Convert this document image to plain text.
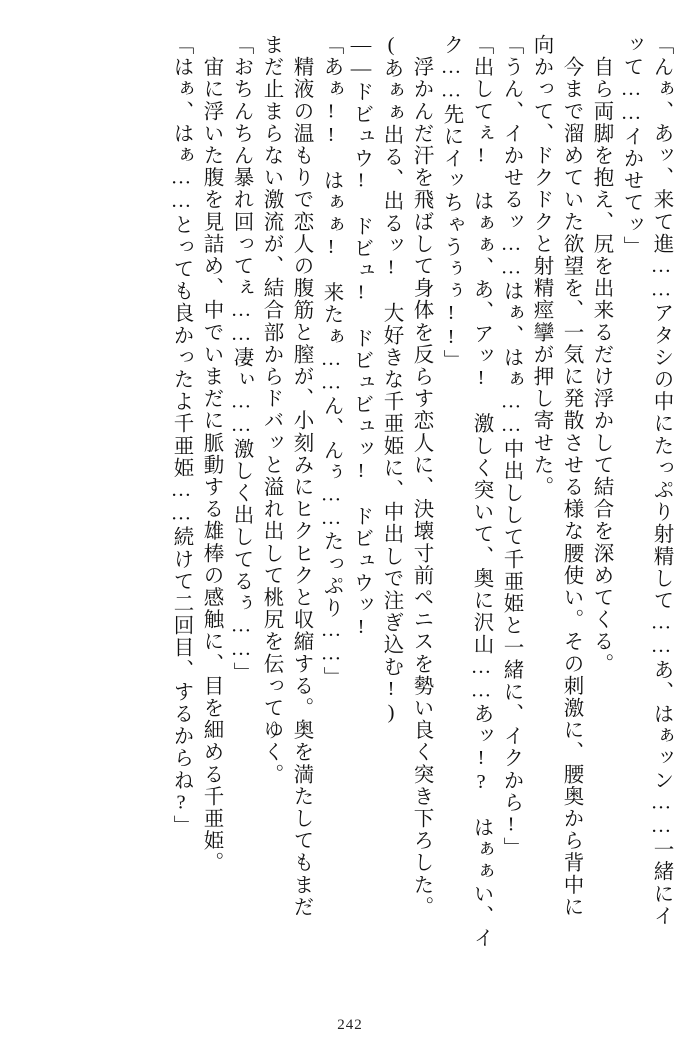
「んぁ、あッ、来て進……アタシの中にたっぷり射精して……あ、はぁッン……一緒にイ
ッて……イかせてッ」
　自ら両脚を抱え、尻を出来るだけ浮かして結合を深めてくる。
　今まで溜めていた欲望を、一気に発散させる様な腰使い。その刺激に、腰奥から背中に
向かって、ドクドクと射精痙攣が押し寄せた。
「うん、イかせるッ……はぁ、はぁ……中出しして千亜姫と一緒に、イクから!」
「出してぇ!　はぁぁ、あ、アッ!　激しく突いて、奥に沢山……あッ!?　はぁぁい、イ
ク……先にイッちゃうぅぅ!!」
　浮かんだ汗を飛ばして身体を反らす恋人に、決壊寸前ペニスを勢い良く突き下ろした。
(あぁぁ出る、出るッ!　大好きな千亜姫に、中出しで注ぎ込む!)
――ドビュウ!　ドビュ!　ドビュビュッ!　ドビュウッ!
「あぁ!!　はぁぁ!　来たぁ……ん、んぅ……たっぷり……」
　精液の温もりで恋人の腹筋と膣が、小刻みにヒクヒクと収縮する。奥を満たしてもまだ
まだ止まらない激流が、結合部からドバッと溢れ出して桃尻を伝ってゆく。
「おちんちん暴れ回ってぇ……凄ぃ……激しく出してるぅ……」
　宙に浮いた腹を見詰め、中でいまだに脈動する雄棒の感触に、目を細める千亜姫。
「はぁ、はぁ……とっても良かったよ千亜姫……続けて二回目、するからね?」
242
